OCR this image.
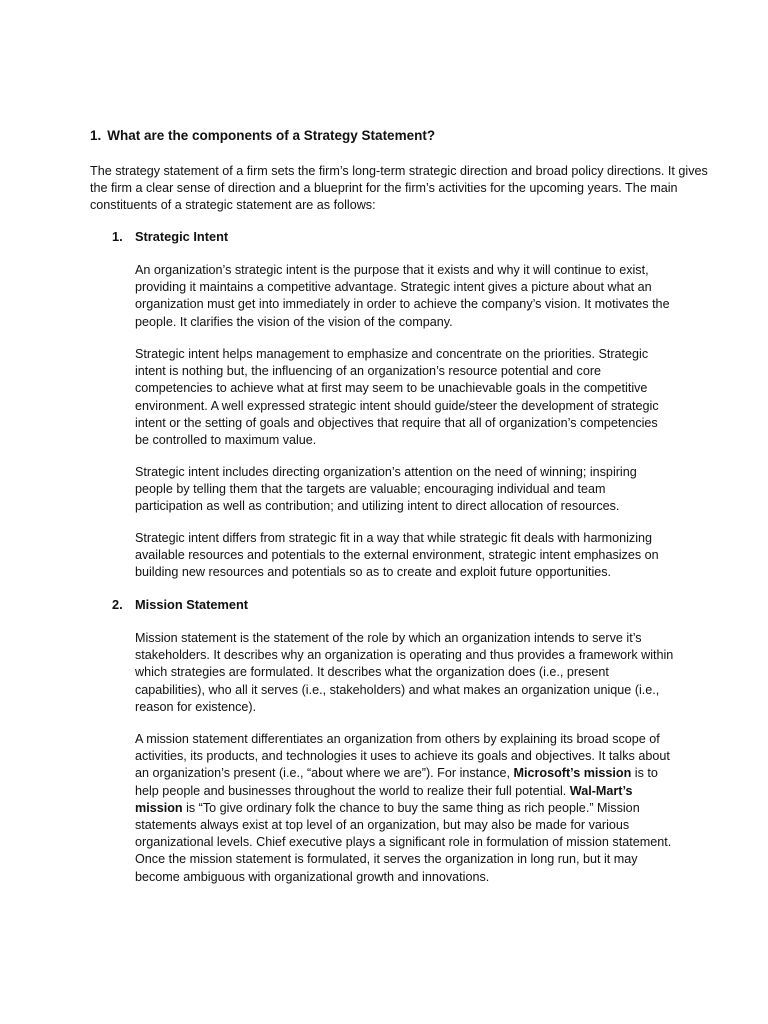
1. What are the components of a Strategy Statement?

The strategy statement of a firm sets the firm’s long-term strategic direction and broad policy directions. It gives the firm a clear sense of direction and a blueprint for the firm’s activities for the upcoming years. The main constituents of a strategic statement are as follows:

1. Strategic Intent

An organization’s strategic intent is the purpose that it exists and why it will continue to exist, providing it maintains a competitive advantage. Strategic intent gives a picture about what an organization must get into immediately in order to achieve the company’s vision. It motivates the people. It clarifies the vision of the vision of the company.

Strategic intent helps management to emphasize and concentrate on the priorities. Strategic intent is nothing but, the influencing of an organization’s resource potential and core competencies to achieve what at first may seem to be unachievable goals in the competitive environment. A well expressed strategic intent should guide/steer the development of strategic intent or the setting of goals and objectives that require that all of organization’s competencies be controlled to maximum value.

Strategic intent includes directing organization’s attention on the need of winning; inspiring people by telling them that the targets are valuable; encouraging individual and team participation as well as contribution; and utilizing intent to direct allocation of resources.

Strategic intent differs from strategic fit in a way that while strategic fit deals with harmonizing available resources and potentials to the external environment, strategic intent emphasizes on building new resources and potentials so as to create and exploit future opportunities.

2. Mission Statement

Mission statement is the statement of the role by which an organization intends to serve it’s stakeholders. It describes why an organization is operating and thus provides a framework within which strategies are formulated. It describes what the organization does (i.e., present capabilities), who all it serves (i.e., stakeholders) and what makes an organization unique (i.e., reason for existence).

A mission statement differentiates an organization from others by explaining its broad scope of activities, its products, and technologies it uses to achieve its goals and objectives. It talks about an organization’s present (i.e., “about where we are”). For instance, Microsoft’s mission is to help people and businesses throughout the world to realize their full potential. Wal-Mart’s mission is “To give ordinary folk the chance to buy the same thing as rich people.” Mission statements always exist at top level of an organization, but may also be made for various organizational levels. Chief executive plays a significant role in formulation of mission statement. Once the mission statement is formulated, it serves the organization in long run, but it may become ambiguous with organizational growth and innovations.
